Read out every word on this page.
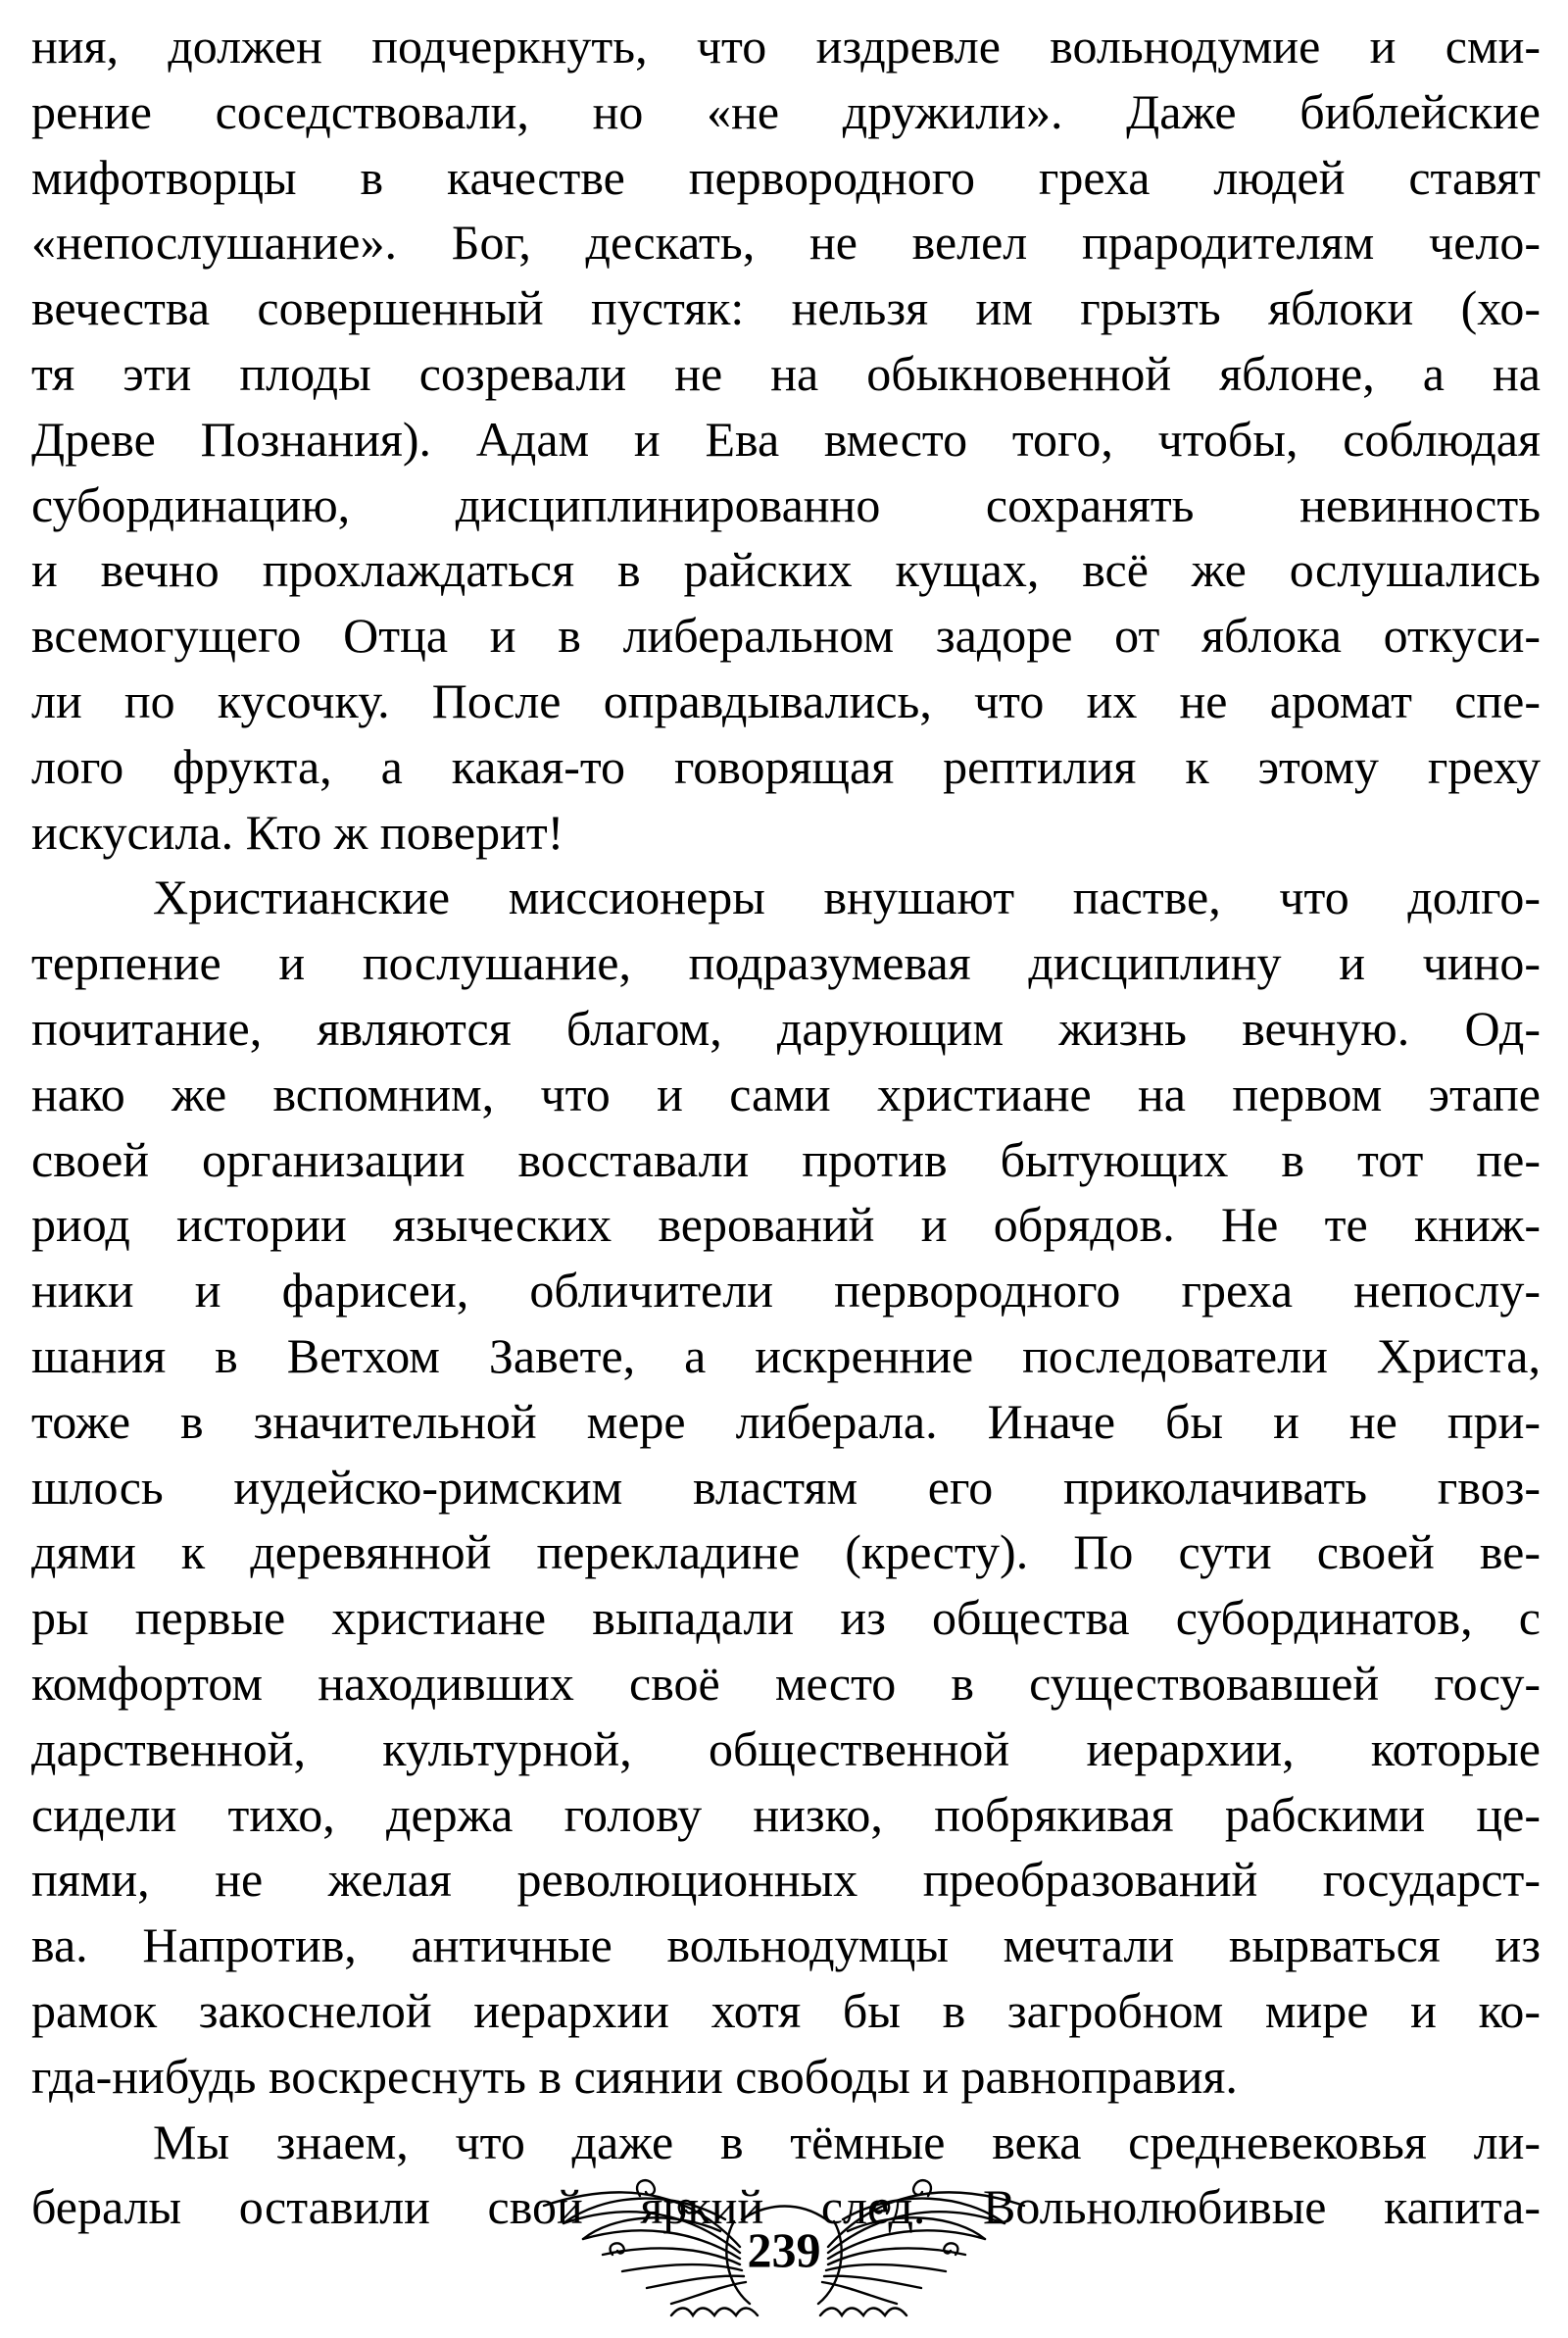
ния, должен подчеркнуть, что издревле вольнодумие и сми-
рение соседствовали, но «не дружили». Даже библейские
мифотворцы в качестве первородного греха людей ставят
«непослушание». Бог, дескать, не велел прародителям чело-
вечества совершенный пустяк: нельзя им грызть яблоки (хо-
тя эти плоды созревали не на обыкновенной яблоне, а на
Древе Познания). Адам и Ева вместо того, чтобы, соблюдая
субординацию, дисциплинированно сохранять невинность
и вечно прохлаждаться в райских кущах, всё же ослушались
всемогущего Отца и в либеральном задоре от яблока откуси-
ли по кусочку. После оправдывались, что их не аромат спе-
лого фрукта, а какая-то говорящая рептилия к этому греху
искусила. Кто ж поверит!
Христианские миссионеры внушают пастве, что долго-
терпение и послушание, подразумевая дисциплину и чино-
почитание, являются благом, дарующим жизнь вечную. Од-
нако же вспомним, что и сами христиане на первом этапе
своей организации восставали против бытующих в тот пе-
риод истории языческих верований и обрядов. Не те книж-
ники и фарисеи, обличители первородного греха непослу-
шания в Ветхом Завете, а искренние последователи Христа,
тоже в значительной мере либерала. Иначе бы и не при-
шлось иудейско-римским властям его приколачивать гвоз-
дями к деревянной перекладине (кресту). По сути своей ве-
ры первые христиане выпадали из общества субординатов, с
комфортом находивших своё место в существовавшей госу-
дарственной, культурной, общественной иерархии, которые
сидели тихо, держа голову низко, побрякивая рабскими це-
пями, не желая революционных преобразований государст-
ва. Напротив, античные вольнодумцы мечтали вырваться из
рамок закоснелой иерархии хотя бы в загробном мире и ко-
гда-нибудь воскреснуть в сиянии свободы и равноправия.
Мы знаем, что даже в тёмные века средневековья ли-
бералы оставили свой яркий след. Вольнолюбивые капита-
239
